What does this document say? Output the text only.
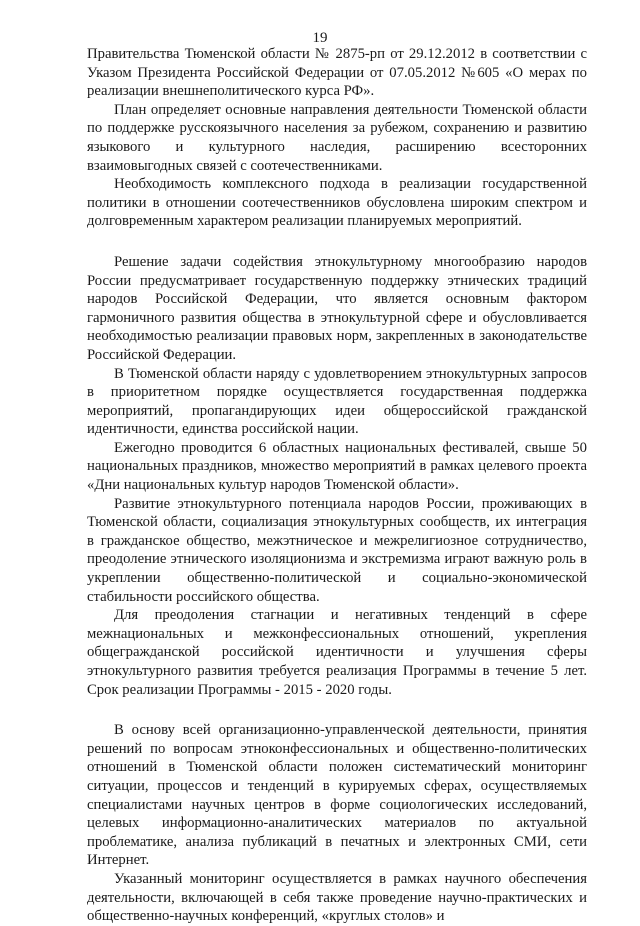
19

Правительства Тюменской области № 2875-рп от 29.12.2012 в соответствии с Указом Президента Российской Федерации от 07.05.2012 №605 «О мерах по реализации внешнеполитического курса РФ».

План определяет основные направления деятельности Тюменской области по поддержке русскоязычного населения за рубежом, сохранению и развитию языкового и культурного наследия, расширению всесторонних взаимовыгодных связей с соотечественниками.

Необходимость комплексного подхода в реализации государственной политики в отношении соотечественников обусловлена широким спектром и долговременным характером реализации планируемых мероприятий.

Решение задачи содействия этнокультурному многообразию народов России предусматривает государственную поддержку этнических традиций народов Российской Федерации, что является основным фактором гармоничного развития общества в этнокультурной сфере и обусловливается необходимостью реализации правовых норм, закрепленных в законодательстве Российской Федерации.

В Тюменской области наряду с удовлетворением этнокультурных запросов в приоритетном порядке осуществляется государственная поддержка мероприятий, пропагандирующих идеи общероссийской гражданской идентичности, единства российской нации.

Ежегодно проводится 6 областных национальных фестивалей, свыше 50 национальных праздников, множество мероприятий в рамках целевого проекта «Дни национальных культур народов Тюменской области».

Развитие этнокультурного потенциала народов России, проживающих в Тюменской области, социализация этнокультурных сообществ, их интеграция в гражданское общество, межэтническое и межрелигиозное сотрудничество, преодоление этнического изоляционизма и экстремизма играют важную роль в укреплении общественно-политической и социально-экономической стабильности российского общества.

Для преодоления стагнации и негативных тенденций в сфере межнациональных и межконфессиональных отношений, укрепления общегражданской российской идентичности и улучшения сферы этнокультурного развития требуется реализация Программы в течение 5 лет. Срок реализации Программы - 2015 - 2020 годы.

В основу всей организационно-управленческой деятельности, принятия решений по вопросам этноконфессиональных и общественно-политических отношений в Тюменской области положен систематический мониторинг ситуации, процессов и тенденций в курируемых сферах, осуществляемых специалистами научных центров в форме социологических исследований, целевых информационно-аналитических материалов по актуальной проблематике, анализа публикаций в печатных и электронных СМИ, сети Интернет.

Указанный мониторинг осуществляется в рамках научного обеспечения деятельности, включающей в себя также проведение научно-практических и общественно-научных конференций, «круглых столов» и
